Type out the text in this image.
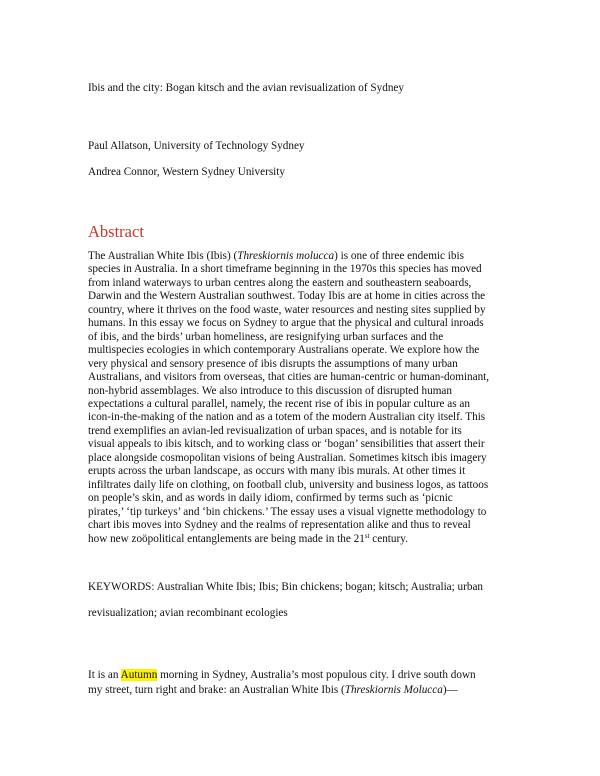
Ibis and the city: Bogan kitsch and the avian revisualization of Sydney
Paul Allatson, University of Technology Sydney
Andrea Connor, Western Sydney University
Abstract
The Australian White Ibis (Ibis) (Threskiornis molucca) is one of three endemic ibis
species in Australia. In a short timeframe beginning in the 1970s this species has moved
from inland waterways to urban centres along the eastern and southeastern seaboards,
Darwin and the Western Australian southwest. Today Ibis are at home in cities across the
country, where it thrives on the food waste, water resources and nesting sites supplied by
humans. In this essay we focus on Sydney to argue that the physical and cultural inroads
of ibis, and the birds’ urban homeliness, are resignifying urban surfaces and the
multispecies ecologies in which contemporary Australians operate. We explore how the
very physical and sensory presence of ibis disrupts the assumptions of many urban
Australians, and visitors from overseas, that cities are human-centric or human-dominant,
non-hybrid assemblages. We also introduce to this discussion of disrupted human
expectations a cultural parallel, namely, the recent rise of ibis in popular culture as an
icon-in-the-making of the nation and as a totem of the modern Australian city itself. This
trend exemplifies an avian-led revisualization of urban spaces, and is notable for its
visual appeals to ibis kitsch, and to working class or ‘bogan’ sensibilities that assert their
place alongside cosmopolitan visions of being Australian. Sometimes kitsch ibis imagery
erupts across the urban landscape, as occurs with many ibis murals. At other times it
infiltrates daily life on clothing, on football club, university and business logos, as tattoos
on people’s skin, and as words in daily idiom, confirmed by terms such as ‘picnic
pirates,’ ‘tip turkeys’ and ‘bin chickens.’ The essay uses a visual vignette methodology to
chart ibis moves into Sydney and the realms of representation alike and thus to reveal
how new zoöpolitical entanglements are being made in the 21st century.
KEYWORDS: Australian White Ibis; Ibis; Bin chickens; bogan; kitsch; Australia; urban
revisualization; avian recombinant ecologies
It is an Autumn morning in Sydney, Australia’s most populous city. I drive south down
my street, turn right and brake: an Australian White Ibis (Threskiornis Molucca)—
